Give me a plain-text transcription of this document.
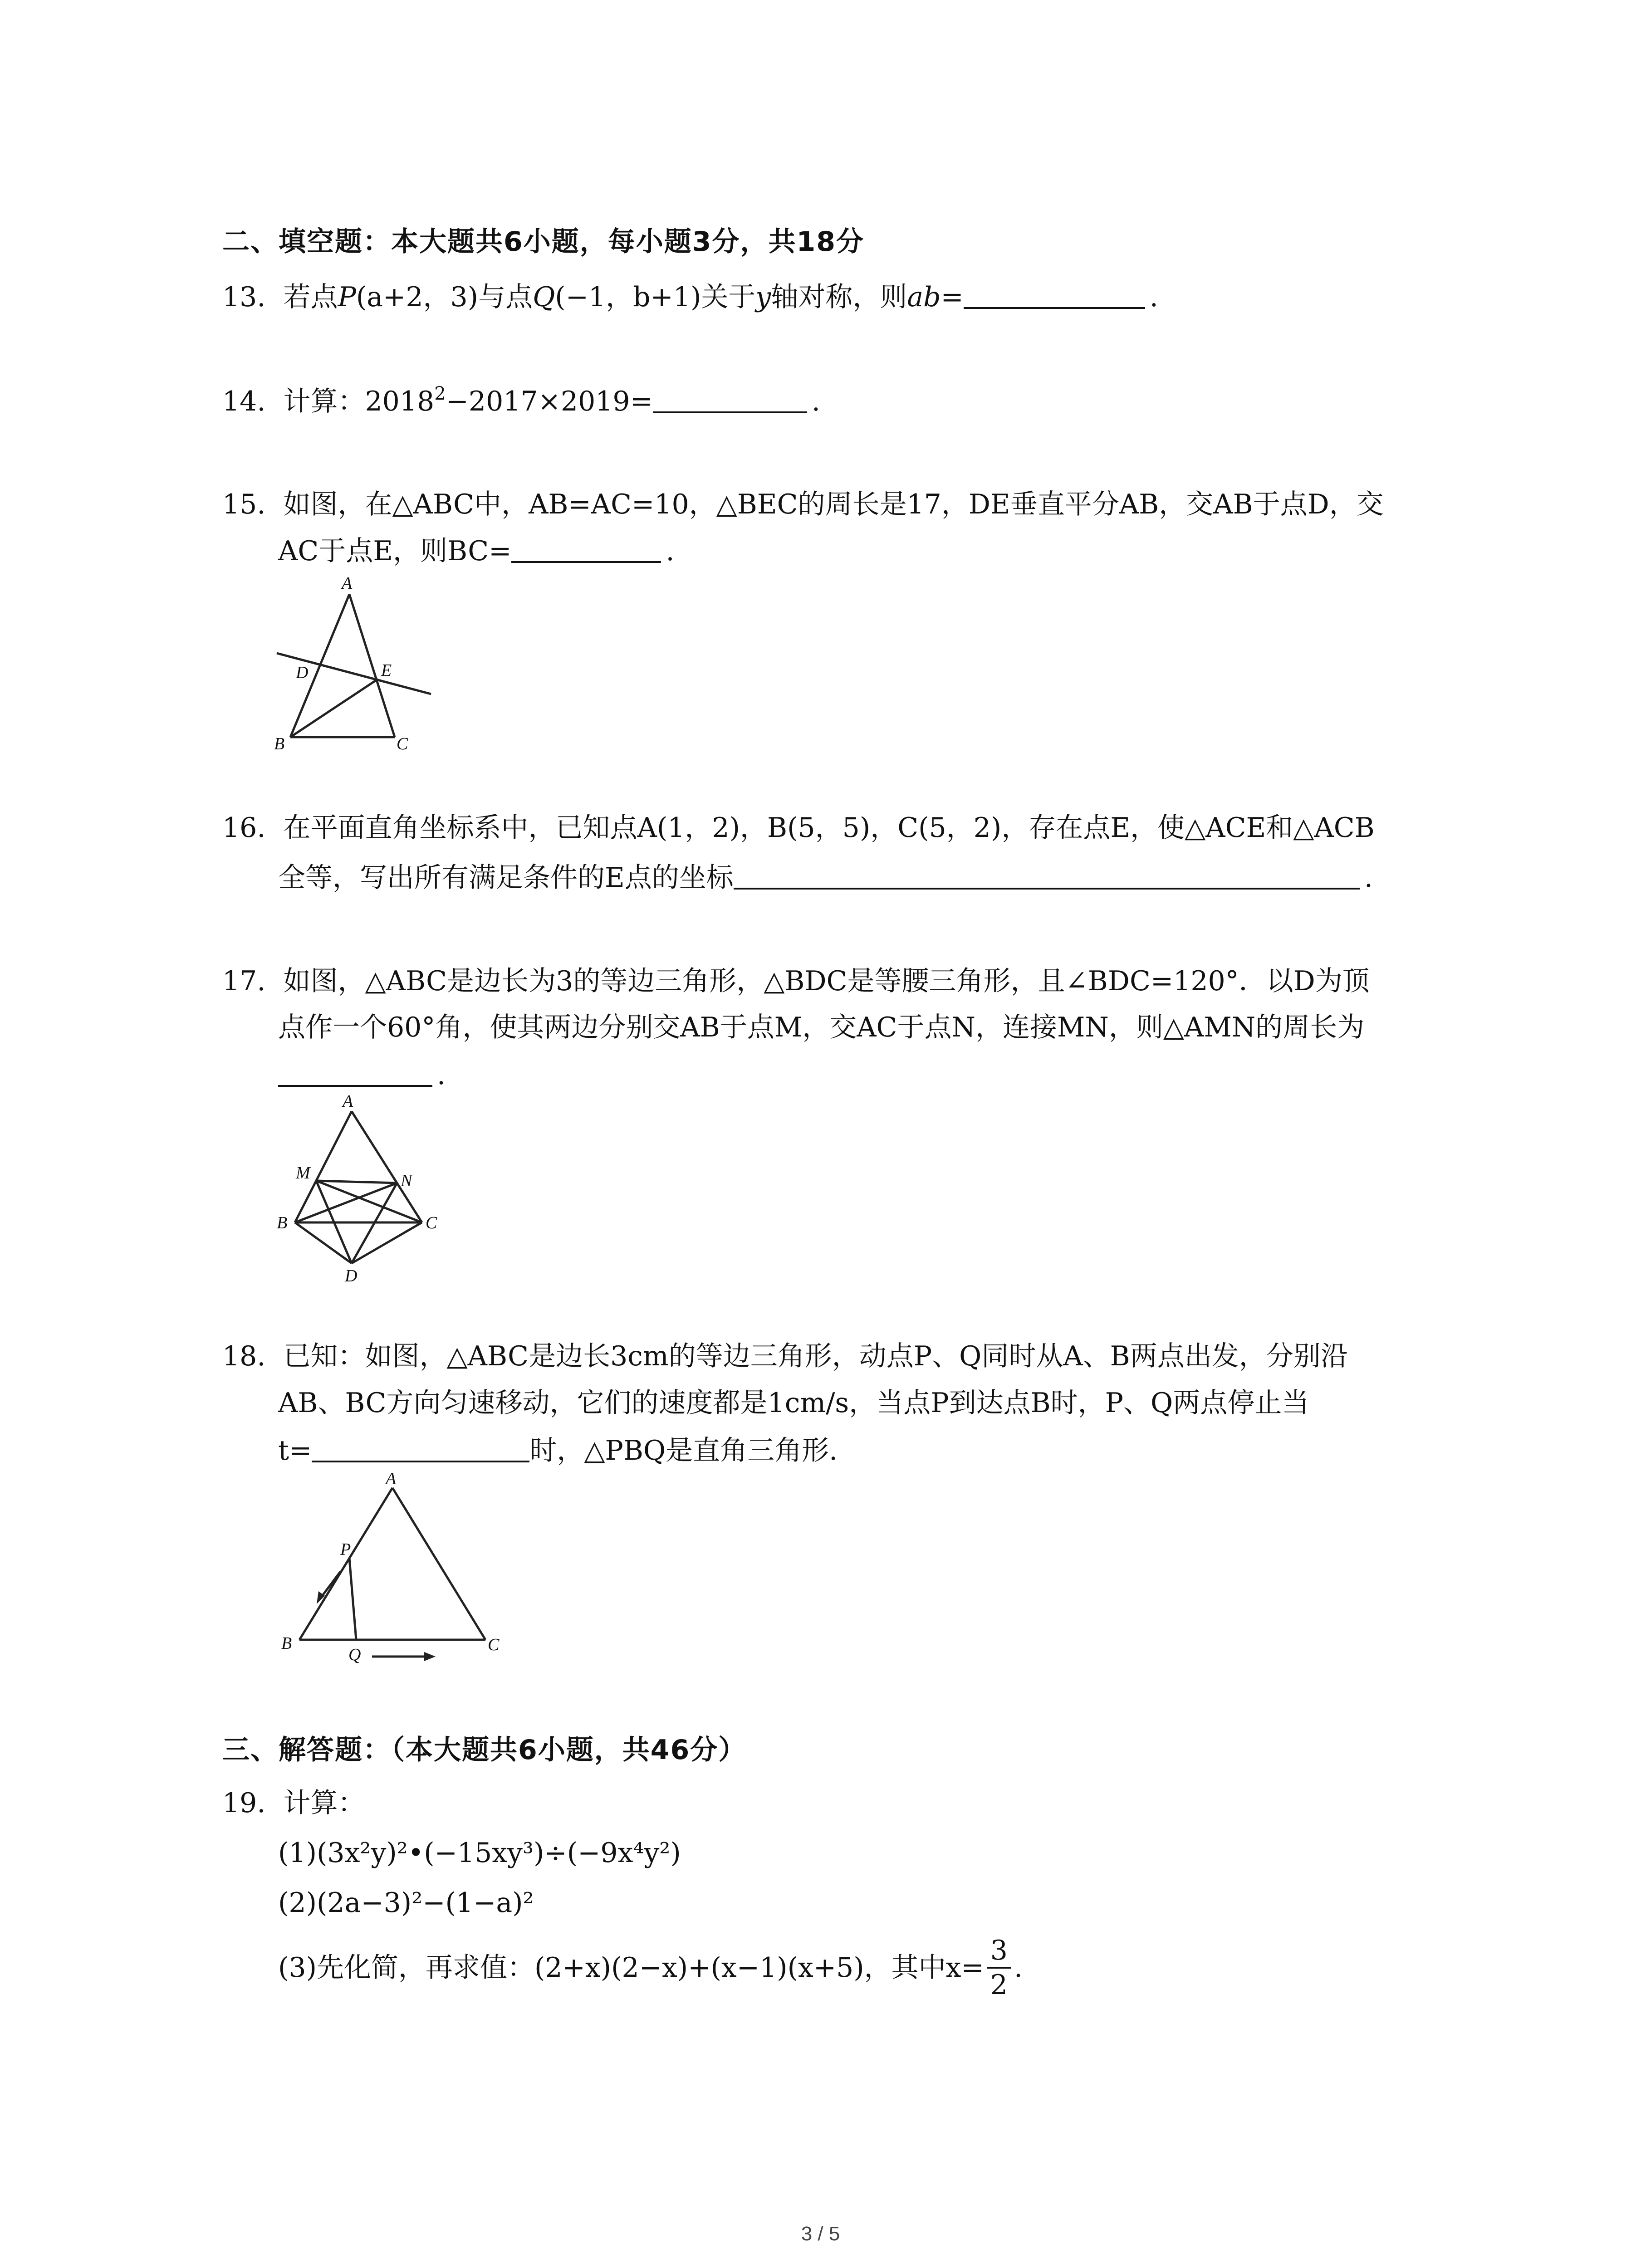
二、填空题：本大题共6小题，每小题3分，共18分
13. 若点P(a+2，3)与点Q(−1，b+1)关于y轴对称，则ab=	.
14. 计算：$2018^2-2017\times 2019=$	.
15. 如图，在△ABC中，AB=AC=10，△BEC的周长是17，DE垂直平分AB，交AB于点D，交
AC于点E，则BC=	.
A
B	C
D	E
16. 在平面直角坐标系中，已知点A(1，2)，B(5，5)，C(5，2)，存在点E，使△ACE和△ACB
全等，写出所有满足条件的E点的坐标	.
17. 如图，△ABC是边长为3的等边三角形，△BDC是等腰三角形，且∠BDC=120°．以D为顶
点作一个60°角，使其两边分别交AB于点M，交AC于点N，连接MN，则△AMN的周长为
.
A
B	C
D
M	N
18. 已知：如图，△ABC是边长3cm的等边三角形，动点P、Q同时从A、B两点出发，分别沿
AB、BC方向匀速移动，它们的速度都是1cm/s，当点P到达点B时，P、Q两点停止当
t=	时，△PBQ是直角三角形.
A
B	C
P
Q
三、解答题：（本大题共6小题，共46分）
19. 计算：
(1)(3x²y)²•(−15xy³)÷(−9x⁴y²)
(2)(2a−3)²−(1−a)²
(3)先化简，再求值：(2+x)(2−x)+(x−1)(x+5)，其中$x= \frac{3}{2}$ .
3 / 5
